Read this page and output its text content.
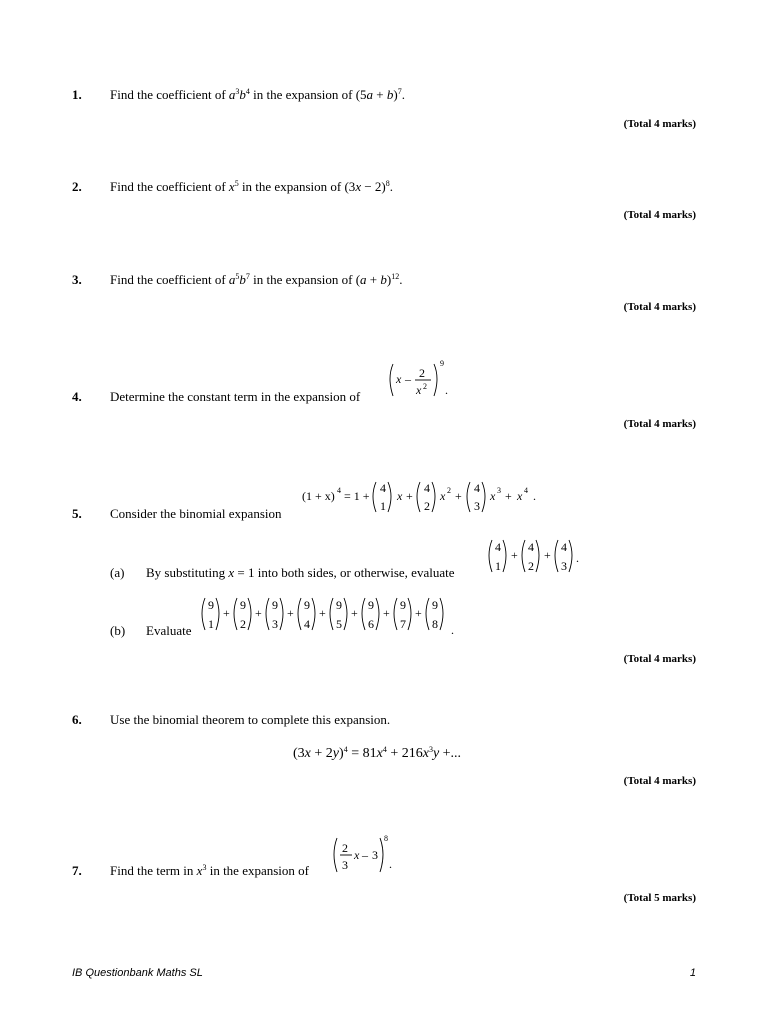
1. Find the coefficient of $a^3b^4$ in the expansion of $(5a + b)^7$.
(Total 4 marks)
2. Find the coefficient of $x^5$ in the expansion of $(3x - 2)^8$.
(Total 4 marks)
3. Find the coefficient of $a^5b^7$ in the expansion of $(a + b)^{12}$.
(Total 4 marks)
4. Determine the constant term in the expansion of
x – 2
x 2
9
.
(Total 4 marks)
5. Consider the binomial expansion
(1 + x) 4 = 1 +
4
1
x +
4
2
x 2 +
4
3
x 3 + x 4 .
(a) By substituting x = 1 into both sides, or otherwise, evaluate
4
1
+
4
2
+
4
3
.
(b) Evaluate
9
1
+
9
2
+
9
3
+
9
4
+
9
5
+
9
6
+
9
7
+
9
8 .
(Total 4 marks)
6. Use the binomial theorem to complete this expansion.
$(3x + 2y)^4 = 81x^4 + 216x^3y$ +...
(Total 4 marks)
7. Find the term in $x^3$ in the expansion of
2
3
x – 3
8
.
(Total 5 marks)
IB Questionbank Maths SL	1
